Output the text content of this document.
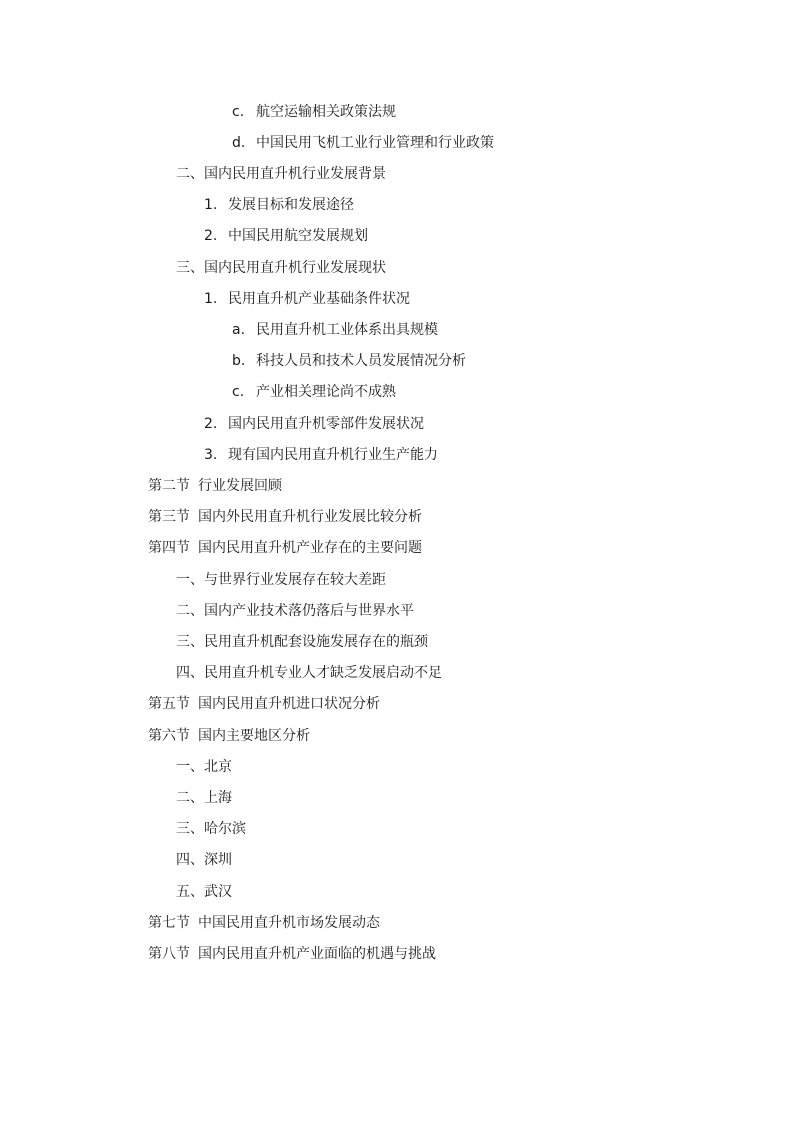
c. 航空运输相关政策法规
d. 中国民用飞机工业行业管理和行业政策
二、国内民用直升机行业发展背景
1. 发展目标和发展途径
2. 中国民用航空发展规划
三、国内民用直升机行业发展现状
1. 民用直升机产业基础条件状况
a. 民用直升机工业体系出具规模
b. 科技人员和技术人员发展情况分析
c. 产业相关理论尚不成熟
2. 国内民用直升机零部件发展状况
3. 现有国内民用直升机行业生产能力
第二节 行业发展回顾
第三节 国内外民用直升机行业发展比较分析
第四节 国内民用直升机产业存在的主要问题
一、与世界行业发展存在较大差距
二、国内产业技术落仍落后与世界水平
三、民用直升机配套设施发展存在的瓶颈
四、民用直升机专业人才缺乏发展启动不足
第五节 国内民用直升机进口状况分析
第六节 国内主要地区分析
一、北京
二、上海
三、哈尔滨
四、深圳
五、武汉
第七节 中国民用直升机市场发展动态
第八节 国内民用直升机产业面临的机遇与挑战
